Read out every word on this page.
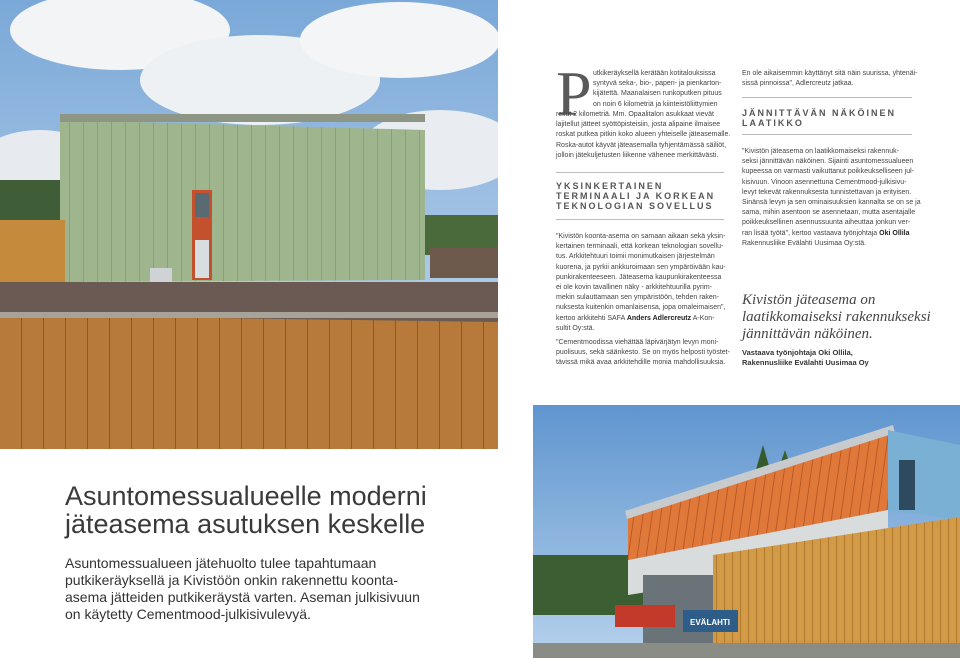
P utkikeräyksellä kerätään kotitalouksissa

syntyvä seka-, bio-, paperi- ja pienkarton-

kijätettä. Maanalaisen runkoputken pituus

on noin 6 kilometriä ja kiinteistöliittymien

reilut 2 kilometriä. Mm. Opaalitalon asukkaat vievät

lajitellut jätteet syöttöpisteisiin, josta alipaine ilmaisee

roskat putkea pitkin koko alueen yhteiselle jäteasemalle.

Roska-autot käyvät jäteasemalla tyhjentämässä säiliöt,

jolloin jätekuljetusten liikenne vähenee merkittävästi.

YKSINKERTAINEN
TERMINAALI JA KORKEAN
TEKNOLOGIAN SOVELLUS

"Kivistön koonta-asema on samaan aikaan sekä yksin-

kertainen terminaali, että korkean teknologian sovellu-

tus. Arkkitehtuuri toimii monimutkaisen järjestelmän

kuorena, ja pyrkii ankkuroimaan sen ympäröivään kau-

punkirakenteeseen. Jäteasema kaupunkirakenteessa

ei ole kovin tavallinen näky - arkkitehtuurilla pyrim-

mekin sulauttamaan sen ympäristöön, tehden raken-

nuksesta kuitenkin omanlaisensa, jopa omaleimaisen",

kertoo arkkitehti SAFA Anders Adlercreutz A-Kon-

sultit Oy:stä.

"Cementmoodissa viehättää läpivärjätyn levyn moni-

puolisuus, sekä säänkesto. Se on myös helposti työstet-

tävissä mikä avaa arkkitehdille monia mahdollisuuksia.

En ole aikaisemmin käyttänyt sitä näin suurissa, yhtenäi-

sissä pinnoissa", Adlercreutz jatkaa.

JÄNNITTÄVÄN NÄKÖINEN
LAATIKKO

"Kivistön jäteasema on laatikkomaiseksi rakennuk-

seksi jännittävän näköinen. Sijainti asuntomessualueen

kupeessa on varmasti vaikuttanut poikkeukselliseen jul-

kisivuun. Vinoon asennettuna Cementmood-julkisivu-

levyt tekevät rakennuksesta tunnistettavan ja erityisen.

Sinänsä levyn ja sen ominaisuuksien kannalta se on se ja

sama, mihin asentoon se asennetaan, mutta asentajalle

poikkeuksellinen asennussuunta aiheuttaa jonkun ver-

ran lisää työtä", kertoo vastaava työnjohtaja Oki Ollila

Rakennusliike Evälahti Uusimaa Oy:stä.

Kivistön jäteasema on
laatikkomaiseksi rakennukseksi
jännittävän näköinen.
Vastaava työnjohtaja Oki Ollila,
Rakennusliike Evälahti Uusimaa Oy
Asuntomessualueelle moderni
jäteasema asutuksen keskelle
Asuntomessualueen jätehuolto tulee tapahtumaan
putkikeräyksellä ja Kivistöön onkin rakennettu koonta-
asema jätteiden putkikeräystä varten. Aseman julkisivuun
on käytetty Cementmood-julkisivulevyä.
EVÄLAHTI
